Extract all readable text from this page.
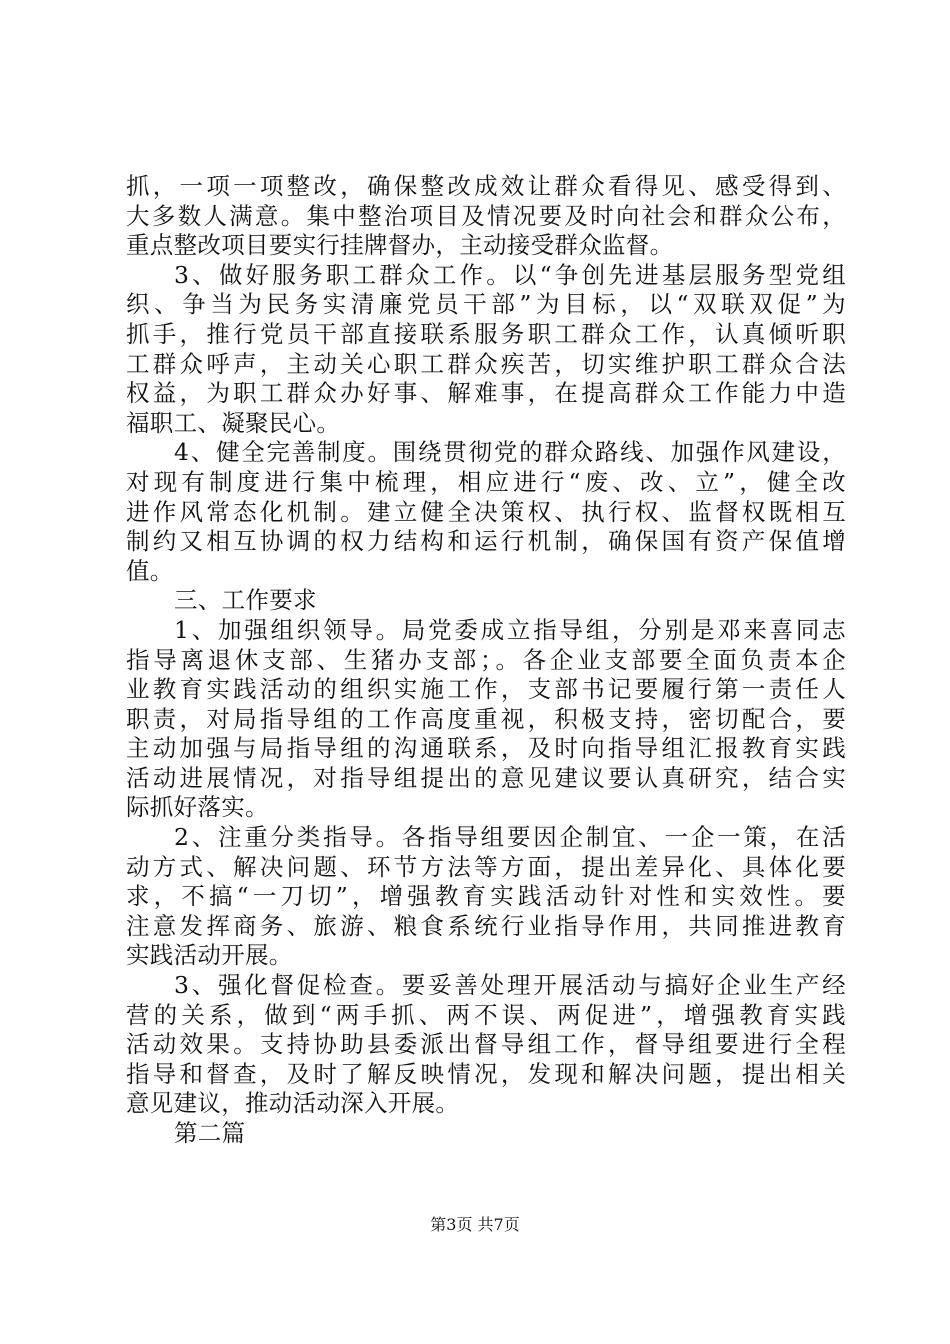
抓，一项一项整改，确保整改成效让群众看得见、感受得到、
大多数人满意。集中整治项目及情况要及时向社会和群众公布，
重点整改项目要实行挂牌督办，主动接受群众监督。
3、做好服务职工群众工作。以“争创先进基层服务型党组
织、争当为民务实清廉党员干部”为目标，以“双联双促”为
抓手，推行党员干部直接联系服务职工群众工作，认真倾听职
工群众呼声，主动关心职工群众疾苦，切实维护职工群众合法
权益，为职工群众办好事、解难事，在提高群众工作能力中造
福职工、凝聚民心。
4、健全完善制度。围绕贯彻党的群众路线、加强作风建设，
对现有制度进行集中梳理，相应进行“废、改、立”，健全改
进作风常态化机制。建立健全决策权、执行权、监督权既相互
制约又相互协调的权力结构和运行机制，确保国有资产保值增
值。
三、工作要求
1、加强组织领导。局党委成立指导组，分别是邓来喜同志
指导离退休支部、生猪办支部；。各企业支部要全面负责本企
业教育实践活动的组织实施工作，支部书记要履行第一责任人
职责，对局指导组的工作高度重视，积极支持，密切配合，要
主动加强与局指导组的沟通联系，及时向指导组汇报教育实践
活动进展情况，对指导组提出的意见建议要认真研究，结合实
际抓好落实。
2、注重分类指导。各指导组要因企制宜、一企一策，在活
动方式、解决问题、环节方法等方面，提出差异化、具体化要
求，不搞“一刀切”，增强教育实践活动针对性和实效性。要
注意发挥商务、旅游、粮食系统行业指导作用，共同推进教育
实践活动开展。
3、强化督促检查。要妥善处理开展活动与搞好企业生产经
营的关系，做到“两手抓、两不误、两促进”，增强教育实践
活动效果。支持协助县委派出督导组工作，督导组要进行全程
指导和督查，及时了解反映情况，发现和解决问题，提出相关
意见建议，推动活动深入开展。
第二篇
第3页 共7页
